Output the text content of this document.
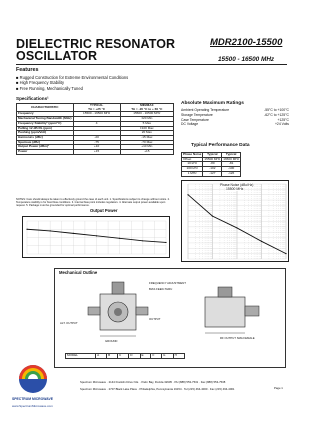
DIELECTRIC RESONATOR
OSCILLATOR
MDR2100-15500
15500 - 16500 MHz
Features
■ Rugged Construction for Extreme Environmental Conditions
■ High Frequency Stability
■ Free Running, Mechanically Tuned
Specifications¹
CHARACTERISTIC	TYPICAL
TA = +25 °C	MIN/MAX
TA = -20 °C to + 60 °C
Frequency	15500 - 16500 MHz	15500 - 16500 MHz
Mechanical Tuning Bandwidth (MHz)		±20 Min
Frequency Stability² (ppm/°C)	4	5 Max
Pulling 12 dB RL (ppm)		±100 Max
Pushing (ppm/Volt)		20 Max
Harmonics (dBc)	-20	-15 Max
Spurious (dBc)	-75	-70 Max
Output Power (dBm)³	+10	+10 Min
Power	+15	+15
NOTES: Care should always be taken to effectively ground the case of each unit. 1. Specifications subject to change without notice. 2. Temperature stability is for fixed bias conditions. 3. Internal bias point includes regulators. 4. Alternate output power available upon request. 5. Package must be grounded for optimal performance.
Absolute Maximum Ratings
Ambient Operating Temperature	-55°C to +100°C
Storage Temperature	-62°C to +125°C
Case Temperature	+125°C
DC Voltage	+24 Volts
Typical Performance Data
Phase Noise	Typical	Typical
Offset	15500 MHz	16500 MHz
10 kHz	-80	-81
100 kHz	-102	-100
1 MHz	-127	-126
Phase Noise (dBc/Hz)
15500 MHz
Output Power
Mechanical Outline
FREQUENCY ADJUSTMENT
BIAS FEED-THRU
ALT. OUTPUT
OUTPUT
GROUND
RF OUTPUT SMA FEMALE
MODEL	A	B	C	D	E	F	G	H
SPECTRUM MICROWAVE
Spectrum Microwave · 2144 Franklin Drive N.E. · Palm Bay, Florida 32905 · PH (888) 553-7531 · Fax (888) 553-7538
Spectrum Microwave · 2707 Black Lake Place · Philadelphia, Pennsylvania 19154 · Tel (215) 464-4000 · Fax (215) 464-4001
www.SpectrumMicrowave.com
Page 1
